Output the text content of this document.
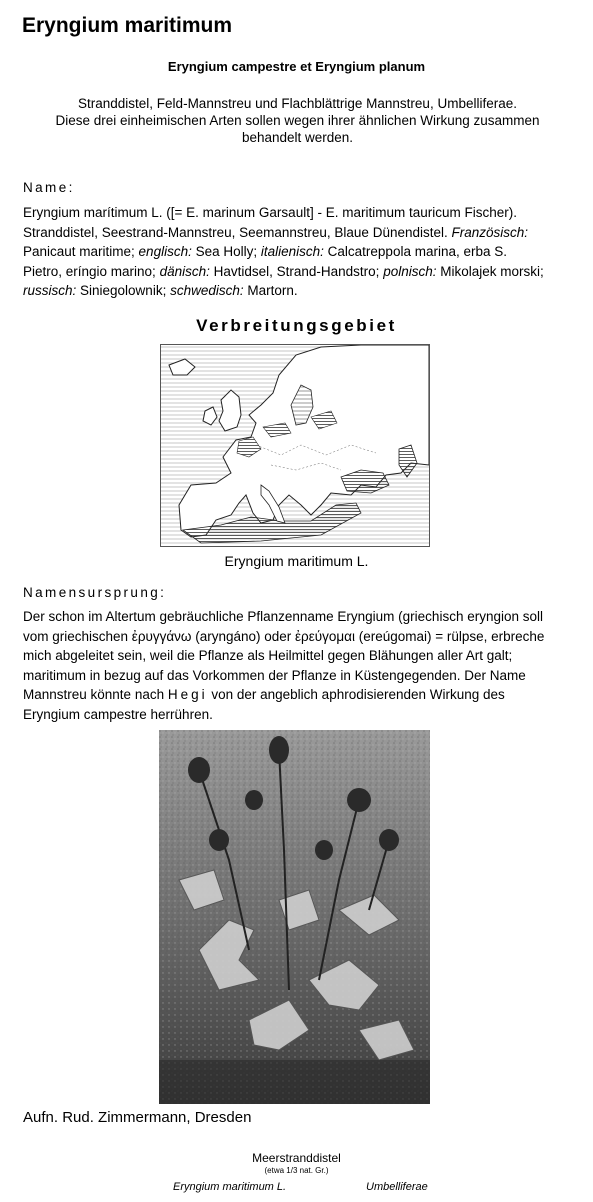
Eryngium maritimum
Eryngium campestre et Eryngium planum
Stranddistel, Feld-Mannstreu und Flachblättrige Mannstreu, Umbelliferae.
Diese drei einheimischen Arten sollen wegen ihrer ähnlichen Wirkung zusammen
behandelt werden.
Name:
Eryngium marítimum L. ([= E. marinum Garsault] - E. maritimum tauricum Fischer).
Stranddistel, Seestrand-Mannstreu, Seemannstreu, Blaue Dünendistel. Französisch:
Panicaut maritime; englisch: Sea Holly; italienisch: Calcatreppola marina, erba S.
Pietro, eríngio marino; dänisch: Havtidsel, Strand-Handstro; polnisch: Mikolajek morski;
russisch: Siniegolownik; schwedisch: Martorn.
Verbreitungsgebiet
Eryngium maritimum L.
Namensursprung:
Der schon im Altertum gebräuchliche Pflanzenname Eryngium (griechisch eryngion soll
vom griechischen ἐρυγγάνω (aryngáno) oder ἐρεύγομαι (ereúgomai) = rülpse, erbreche
mich abgeleitet sein, weil die Pflanze als Heilmittel gegen Blähungen aller Art galt;
maritimum in bezug auf das Vorkommen der Pflanze in Küstengegenden. Der Name
Mannstreu könnte nach Hegi von der angeblich aphrodisierenden Wirkung des
Eryngium campestre herrühren.
Aufn. Rud. Zimmermann, Dresden
Meerstranddistel
(etwa 1/3 nat. Gr.)
Eryngium maritimum L.	Umbelliferae
